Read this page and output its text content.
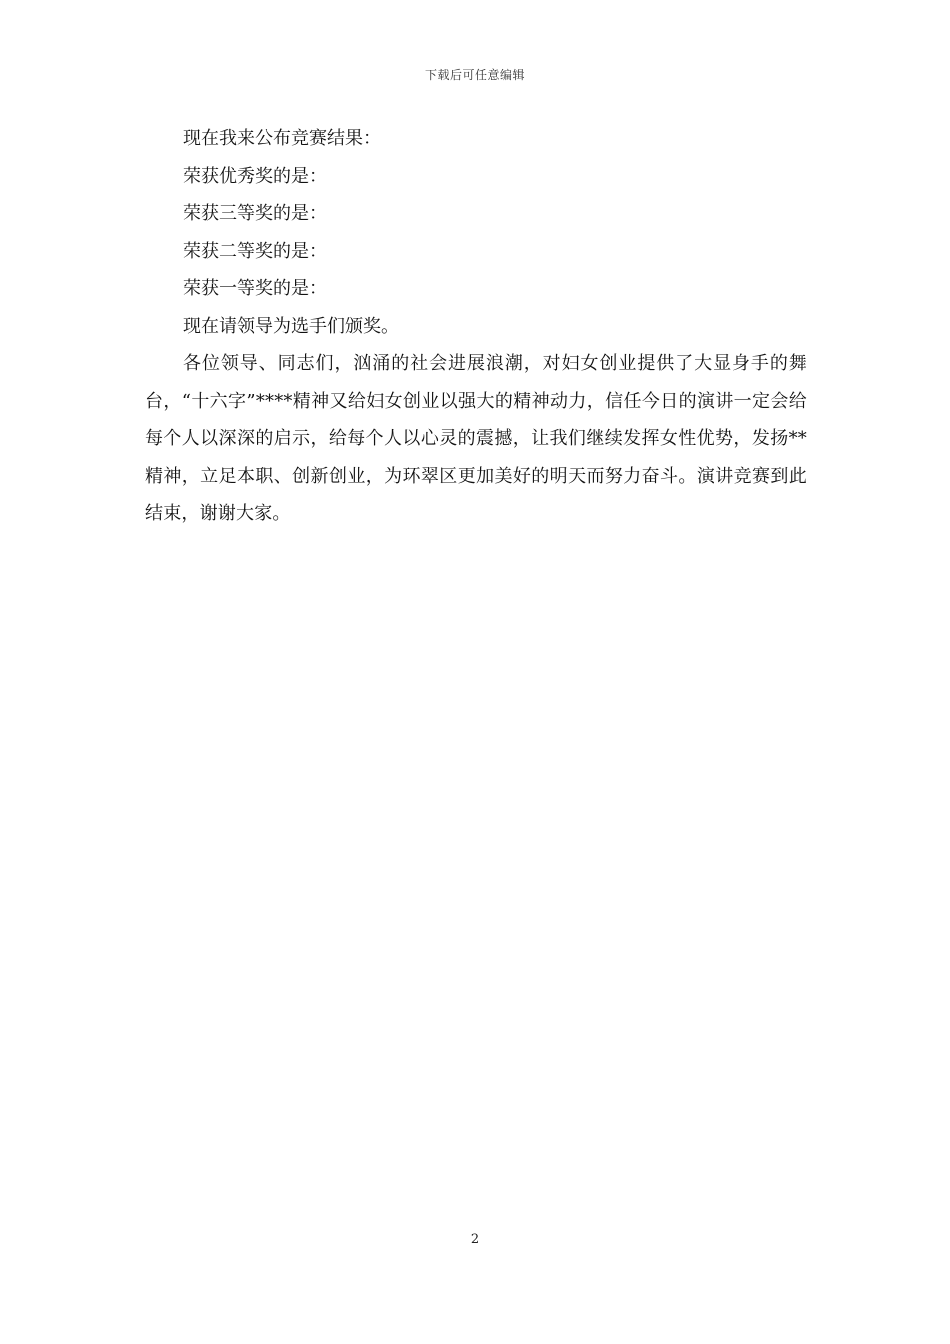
下载后可任意编辑

现在我来公布竞赛结果：

荣获优秀奖的是：

荣获三等奖的是：

荣获二等奖的是：

荣获一等奖的是：

现在请领导为选手们颁奖。

各位领导、同志们，汹涌的社会进展浪潮，对妇女创业提供了大显身手的舞台，“十六字”****精神又给妇女创业以强大的精神动力，信任今日的演讲一定会给每个人以深深的启示，给每个人以心灵的震撼，让我们继续发挥女性优势，发扬**精神，立足本职、创新创业，为环翠区更加美好的明天而努力奋斗。演讲竞赛到此结束，谢谢大家。

2
